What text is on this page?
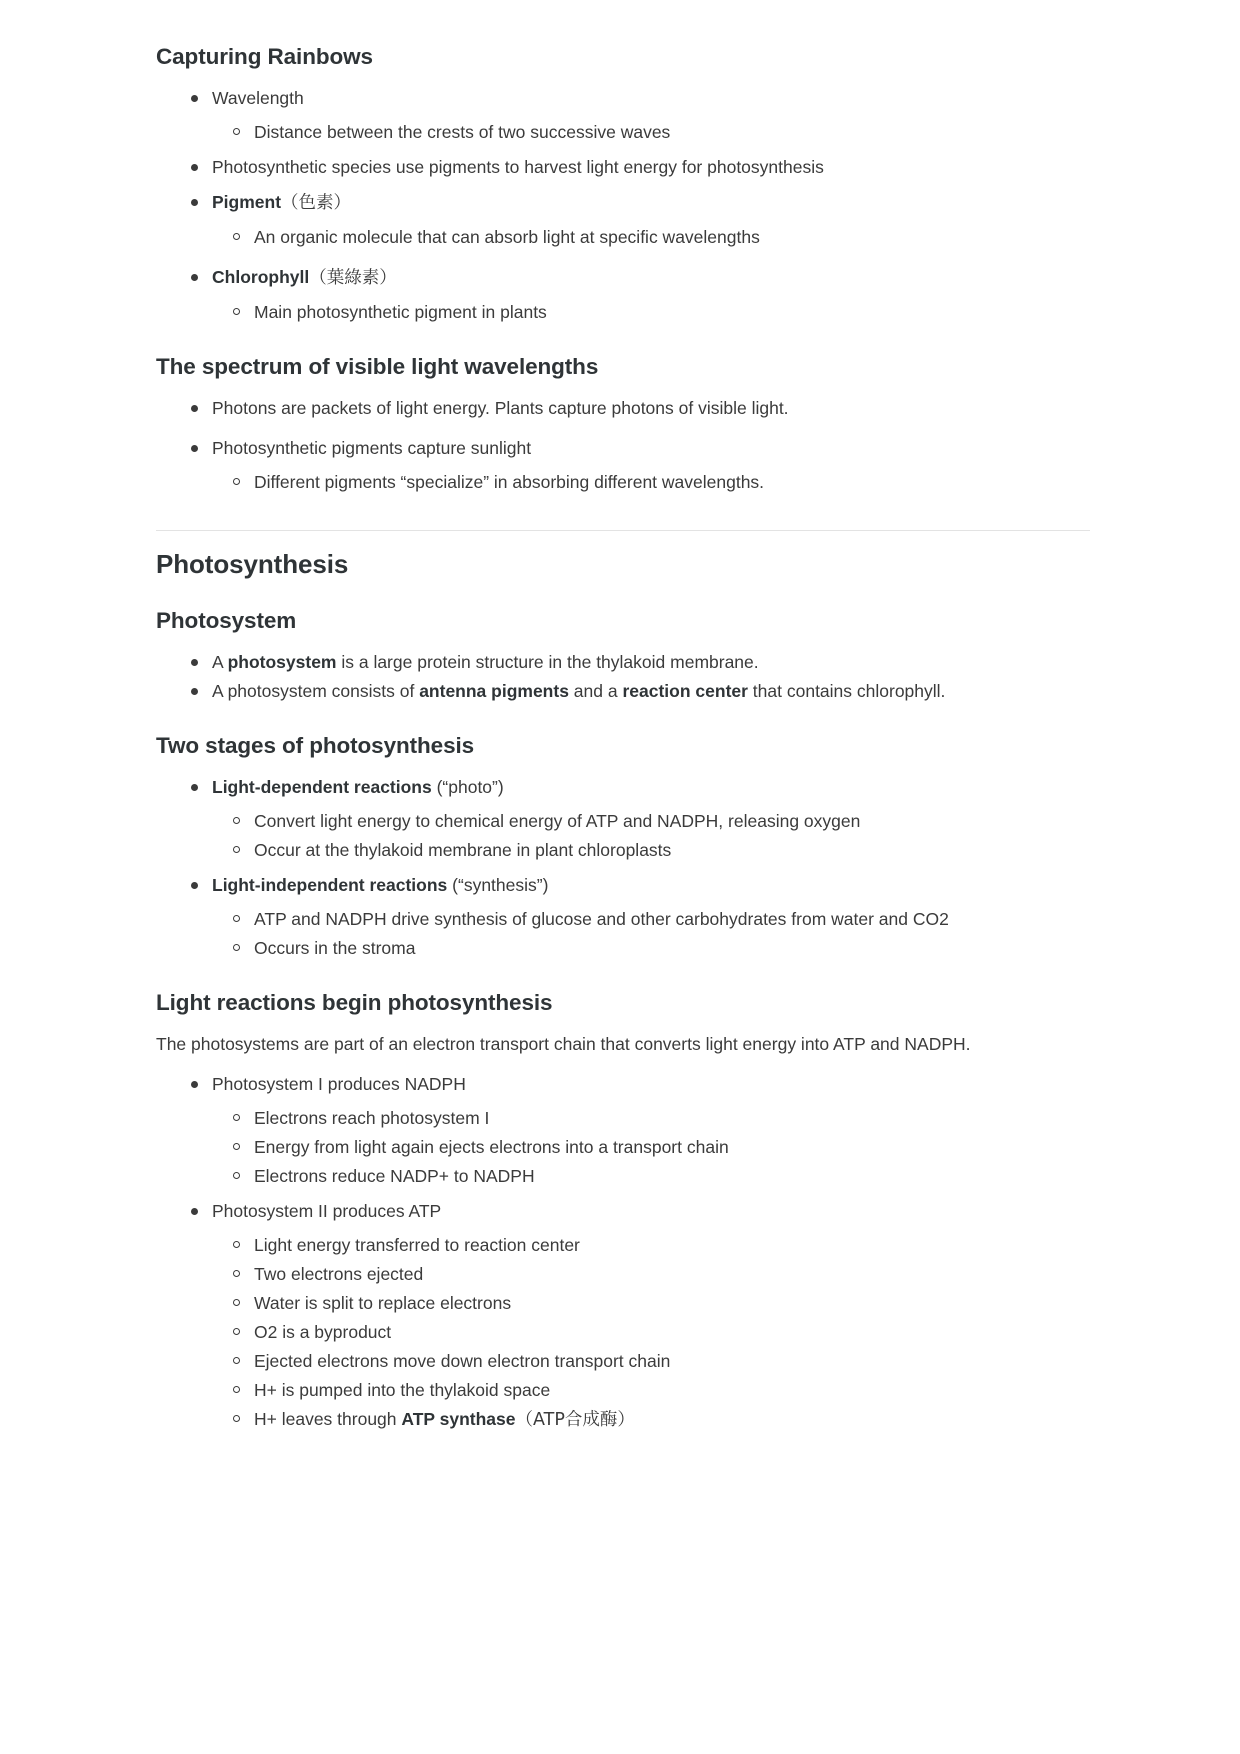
Capturing Rainbows
Wavelength
Distance between the crests of two successive waves
Photosynthetic species use pigments to harvest light energy for photosynthesis
Pigment（色素）
An organic molecule that can absorb light at specific wavelengths
Chlorophyll（葉綠素）
Main photosynthetic pigment in plants
The spectrum of visible light wavelengths
Photons are packets of light energy. Plants capture photons of visible light.
Photosynthetic pigments capture sunlight
Different pigments “specialize” in absorbing different wavelengths.
Photosynthesis
Photosystem
A photosystem is a large protein structure in the thylakoid membrane.
A photosystem consists of antenna pigments and a reaction center that contains chlorophyll.
Two stages of photosynthesis
Light-dependent reactions (“photo”)
Convert light energy to chemical energy of ATP and NADPH, releasing oxygen
Occur at the thylakoid membrane in plant chloroplasts
Light-independent reactions (“synthesis”)
ATP and NADPH drive synthesis of glucose and other carbohydrates from water and CO2
Occurs in the stroma
Light reactions begin photosynthesis

The photosystems are part of an electron transport chain that converts light energy into ATP and NADPH.

Photosystem I produces NADPH
Electrons reach photosystem I
Energy from light again ejects electrons into a transport chain
Electrons reduce NADP+ to NADPH
Photosystem II produces ATP
Light energy transferred to reaction center
Two electrons ejected
Water is split to replace electrons
O2 is a byproduct
Ejected electrons move down electron transport chain
H+ is pumped into the thylakoid space
H+ leaves through ATP synthase（ATP合成酶）
